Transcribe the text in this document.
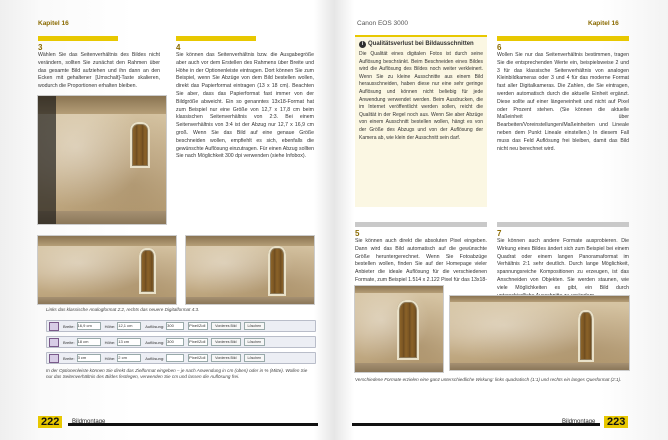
Kapitel 16
3
Wählen Sie das Seitenverhältnis des Bildes nicht verändern, sollten Sie zunächst den Rahmen über das gesamte Bild aufziehen und ihn dann an den Ecken mit gehaltener [Umschalt]-Taste skalieren, wodurch die Proportionen erhalten bleiben.
4
Sie können das Seitenverhältnis bzw. die Ausgabegröße aber auch vor dem Erstellen des Rahmens über Breite und Höhe in der Optionenleiste eintragen. Dort können Sie zum Beispiel, wenn Sie Abzüge von dem Bild bestellen wollen, direkt das Papierformat eintragen (13 x 18 cm). Beachten Sie aber, dass das Papierformat fast immer von der Bildgröße abweicht. Ein so genanntes 13x18-Format hat zum Beispiel nur eine Größe von 12,7 x 17,8 cm beim klassischen Seitenverhältnis von 2:3. Bei einem Seitenverhältnis von 3:4 ist der Abzug nur 12,7 x 16,9 cm groß. Wenn Sie das Bild auf eine genaue Größe beschneiden wollen, empfiehlt es sich, ebenfalls die gewünschte Auflösung einzutragen. Für einen Abzug sollten Sie nach Möglichkeit 300 dpi verwenden (siehe Infobox).
Links das klassische Analogformat 2:2, rechts das neuere Digitalformat 4:3.
Breite: 16,9 cm	Höhe: 12,1 cm	Auflösung: 300	Pixel/Zoll	Vorderes Bild	Löschen
Breite: 18 cm	Höhe: 13 cm	Auflösung: 300	Pixel/Zoll	Vorderes Bild	Löschen
Breite: 3 cm	Höhe: 2 cm	Auflösung:	Pixel/Zoll	Vorderes Bild	Löschen
In der Optionenleiste können Sie direkt das Zielformat eingeben – je nach Anwendung in cm (oben) oder in % (Mitte). Wollen Sie nur das Seitenverhältnis des Bildes festlegen, verwenden Sie cm und lassen die Auflösung frei.
222	Bildmontage
Canon EOS 3000	Kapitel 16
i Qualitätsverlust bei Bildausschnitten
Die Qualität eines digitalen Fotos ist durch seine Auflösung beschränkt. Beim Beschneiden eines Bildes wird die Auflösung des Bildes noch weiter verkleinert. Wenn Sie zu kleine Ausschnitte aus einem Bild herausschneiden, haben diese nur eine sehr geringe Auflösung und können nicht beliebig für jede Anwendung verwendet werden. Beim Ausdrucken, die im Internet veröffentlicht werden sollen, reicht die Qualität in der Regel noch aus. Wenn Sie aber Abzüge von einem Ausschnitt bestellen wollen, hängt es von der Größe des Abzugs und von der Auflösung der Kamera ab, wie klein der Ausschnitt sein darf.
6
Wollen Sie nur das Seitenverhältnis bestimmen, tragen Sie die entsprechenden Werte ein, beispielsweise 2 und 3 für das klassische Seitenverhältnis von analogen Kleinbildkameras oder 3 und 4 für das moderne Format fast aller Digitalkameras. Die Zahlen, die Sie eintragen, werden automatisch durch die aktuelle Einheit ergänzt. Diese sollte auf einer längeneinheit und nicht auf Pixel oder Prozent stehen. (Sie können die aktuelle Maßeinheit über Bearbeiten/Voreinstellungen/Maßeinheiten und Lineale neben dem Punkt Lineale einstellen.) In diesem Fall muss das Feld Auflösung frei bleiben, damit das Bild nicht neu berechnet wird.
5
Sie können auch direkt die absoluten Pixel eingeben. Dann wird das Bild automatisch auf die gewünschte Größe heruntergerechnet. Wenn Sie Fotoabzüge bestellen wollen, finden Sie auf der Homepage vieler Anbieter die ideale Auflösung für die verschiedenen Formate, zum Beispiel 1.514 x 2.122 Pixel für das 13x18-
7
Sie können auch andere Formate ausprobieren. Die Wirkung eines Bildes ändert sich zum Beispiel bei einem Quadrat oder einem langen Panoramaformat im Verhältnis 2:1 sehr deutlich. Durch lange Möglichkeit, spannungsreiche Kompositionen zu erzeugen, ist das Anschneiden von Objekten. Sie werden staunen, wie viele Möglichkeiten es gibt, ein Bild durch
Verschiedene Formate erzielen eine ganz unterschiedliche Wirkung: links quadratisch (1:1) und rechts ein langes Querformat (2:1).
Bildmontage 223
